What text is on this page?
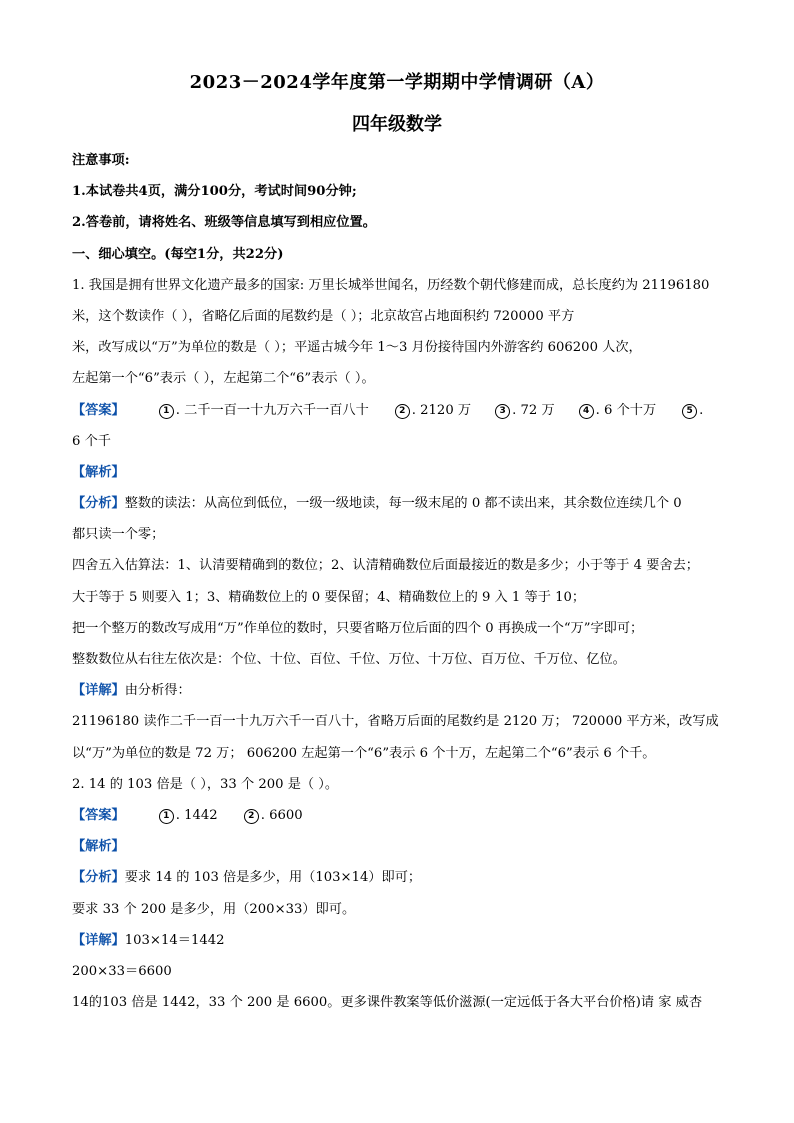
2023－2024学年度第一学期期中学情调研（A）
四年级数学
注意事项:
1.本试卷共4页，满分100分，考试时间90分钟;
2.答卷前，请将姓名、班级等信息填写到相应位置。
一、细心填空。(每空1分，共22分)
1. 我国是拥有世界文化遗产最多的国家: 万里长城举世闻名，历经数个朝代修建而成，总长度约为 21196180
米，这个数读作（ ），省略亿后面的尾数约是（ ）；北京故宫占地面积约 720000 平方
米，改写成以“万”为单位的数是（ ）；平遥古城今年 1～3 月份接待国内外游客约 606200 人次，
左起第一个“6”表示（ ），左起第二个“6”表示（ ）。
【答案】	1 . 二千一百一十九万六千一百八十	2 . 2120 万	3 . 72 万	4 . 6 个十万	5 .
6 个千
【解析】
【分析】整数的读法：从高位到低位，一级一级地读，每一级末尾的 0 都不读出来，其余数位连续几个 0
都只读一个零；
四舍五入估算法：1、认清要精确到的数位；2、认清精确数位后面最接近的数是多少；小于等于 4 要舍去；
大于等于 5 则要入 1；3、精确数位上的 0 要保留；4、精确数位上的 9 入 1 等于 10；
把一个整万的数改写成用“万”作单位的数时，只要省略万位后面的四个 0 再换成一个“万”字即可；
整数数位从右往左依次是：个位、十位、百位、千位、万位、十万位、百万位、千万位、亿位。
【详解】由分析得：
21196180 读作二千一百一十九万六千一百八十，省略万后面的尾数约是 2120 万； 720000 平方米，改写成
以“万”为单位的数是 72 万； 606200 左起第一个“6”表示 6 个十万，左起第二个“6”表示 6 个千。
2. 14 的 103 倍是（ ），33 个 200 是（ ）。
【答案】	1 . 1442	2 . 6600
【解析】
【分析】要求 14 的 103 倍是多少，用（103×14）即可；
要求 33 个 200 是多少，用（200×33）即可。
【详解】103×14＝1442
200×33＝6600
14的103 倍是 1442，33 个 200 是 6600。更多课件教案等低价滋源(一定远低于各大平台价格)请 家 威杏
